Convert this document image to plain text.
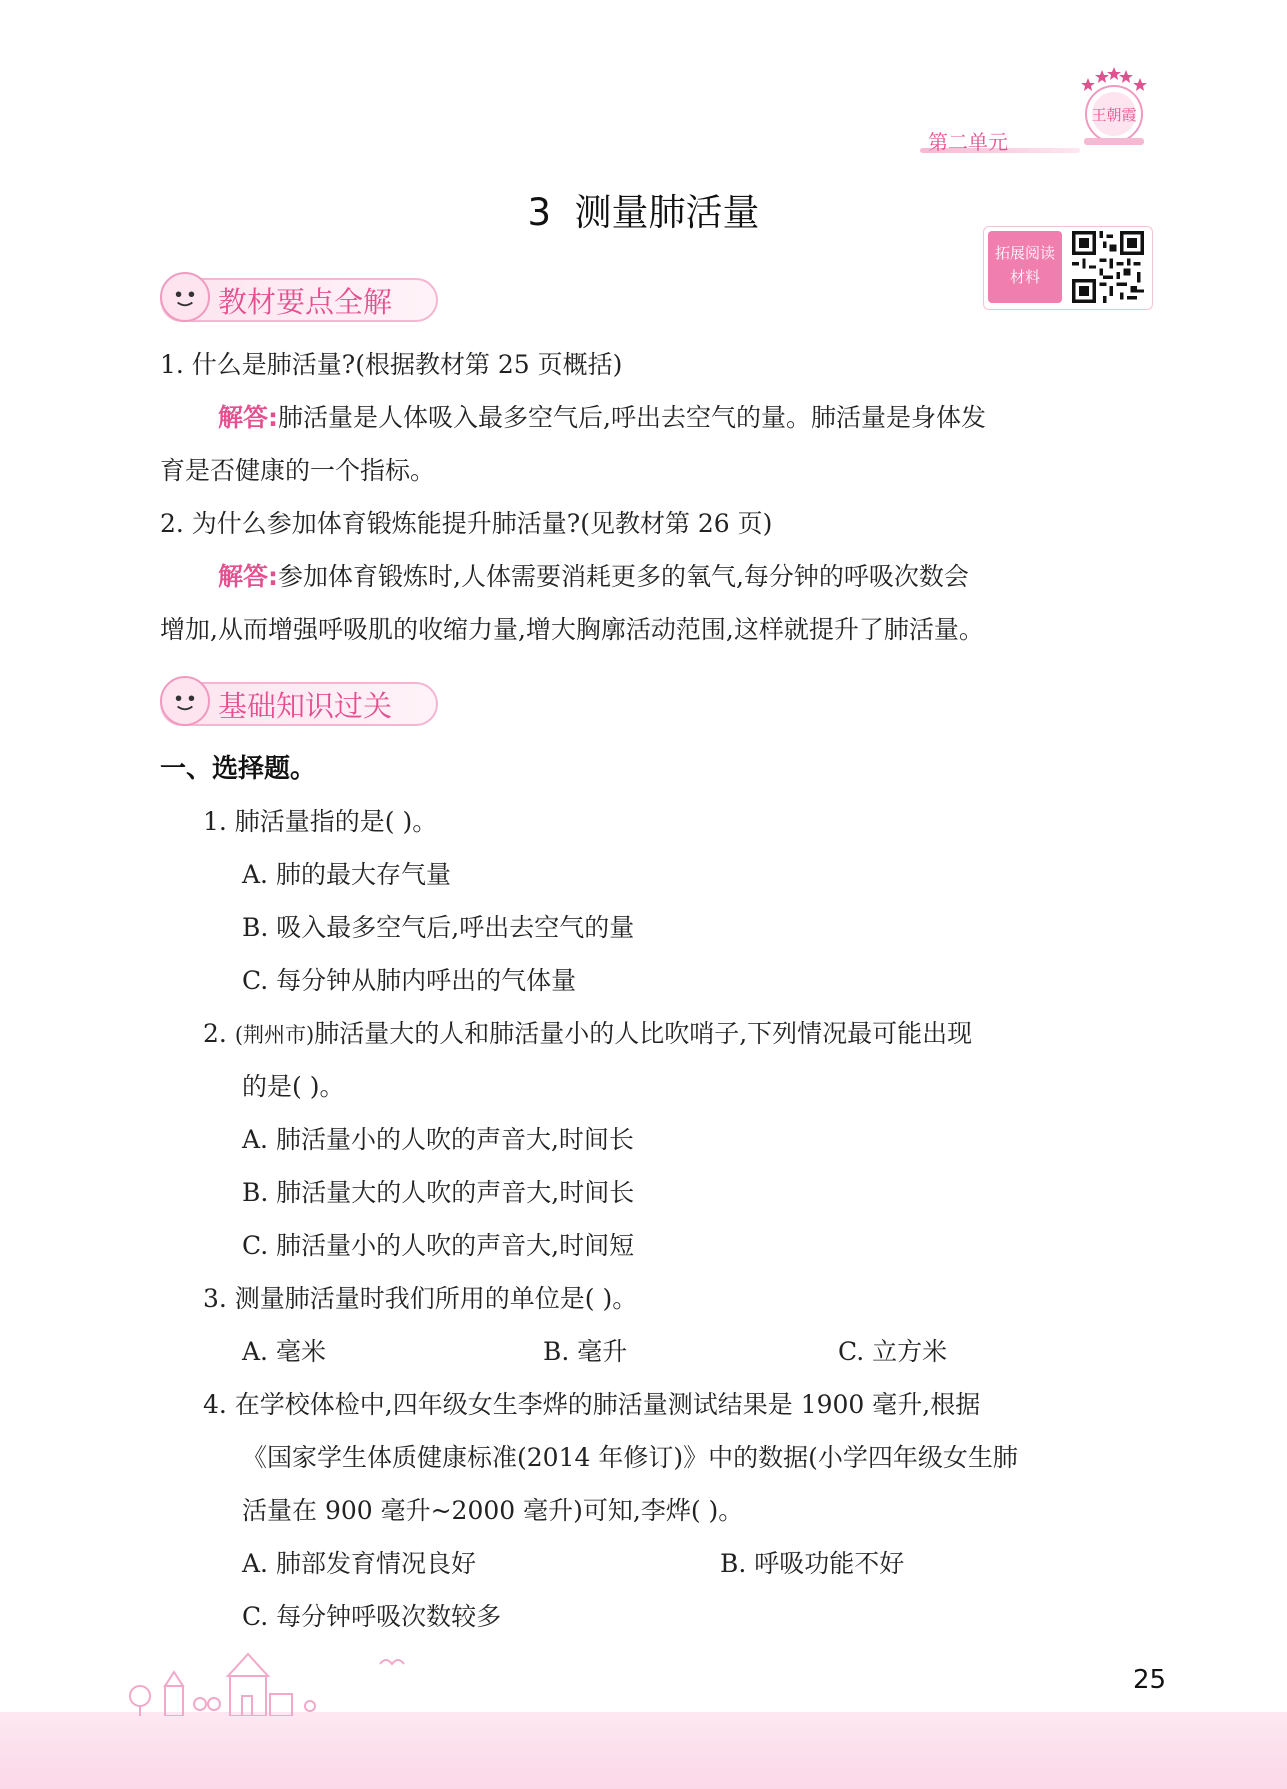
王朝霞
第二单元
3 测量肺活量
拓展阅读
材料
教材要点全解
1. 什么是肺活量?(根据教材第 25 页概括)
解答:肺活量是人体吸入最多空气后,呼出去空气的量。肺活量是身体发
育是否健康的一个指标。
2. 为什么参加体育锻炼能提升肺活量?(见教材第 26 页)
解答:参加体育锻炼时,人体需要消耗更多的氧气,每分钟的呼吸次数会
增加,从而增强呼吸肌的收缩力量,增大胸廓活动范围,这样就提升了肺活量。
基础知识过关
一、选择题。
1. 肺活量指的是( )。
A. 肺的最大存气量
B. 吸入最多空气后,呼出去空气的量
C. 每分钟从肺内呼出的气体量
2. (荆州市)肺活量大的人和肺活量小的人比吹哨子,下列情况最可能出现
的是( )。
A. 肺活量小的人吹的声音大,时间长
B. 肺活量大的人吹的声音大,时间长
C. 肺活量小的人吹的声音大,时间短
3. 测量肺活量时我们所用的单位是( )。
A. 毫米	B. 毫升	C. 立方米
4. 在学校体检中,四年级女生李烨的肺活量测试结果是 1900 毫升,根据
《国家学生体质健康标准(2014 年修订)》中的数据(小学四年级女生肺
活量在 900 毫升~2000 毫升)可知,李烨( )。
A. 肺部发育情况良好	B. 呼吸功能不好
C. 每分钟呼吸次数较多
25
